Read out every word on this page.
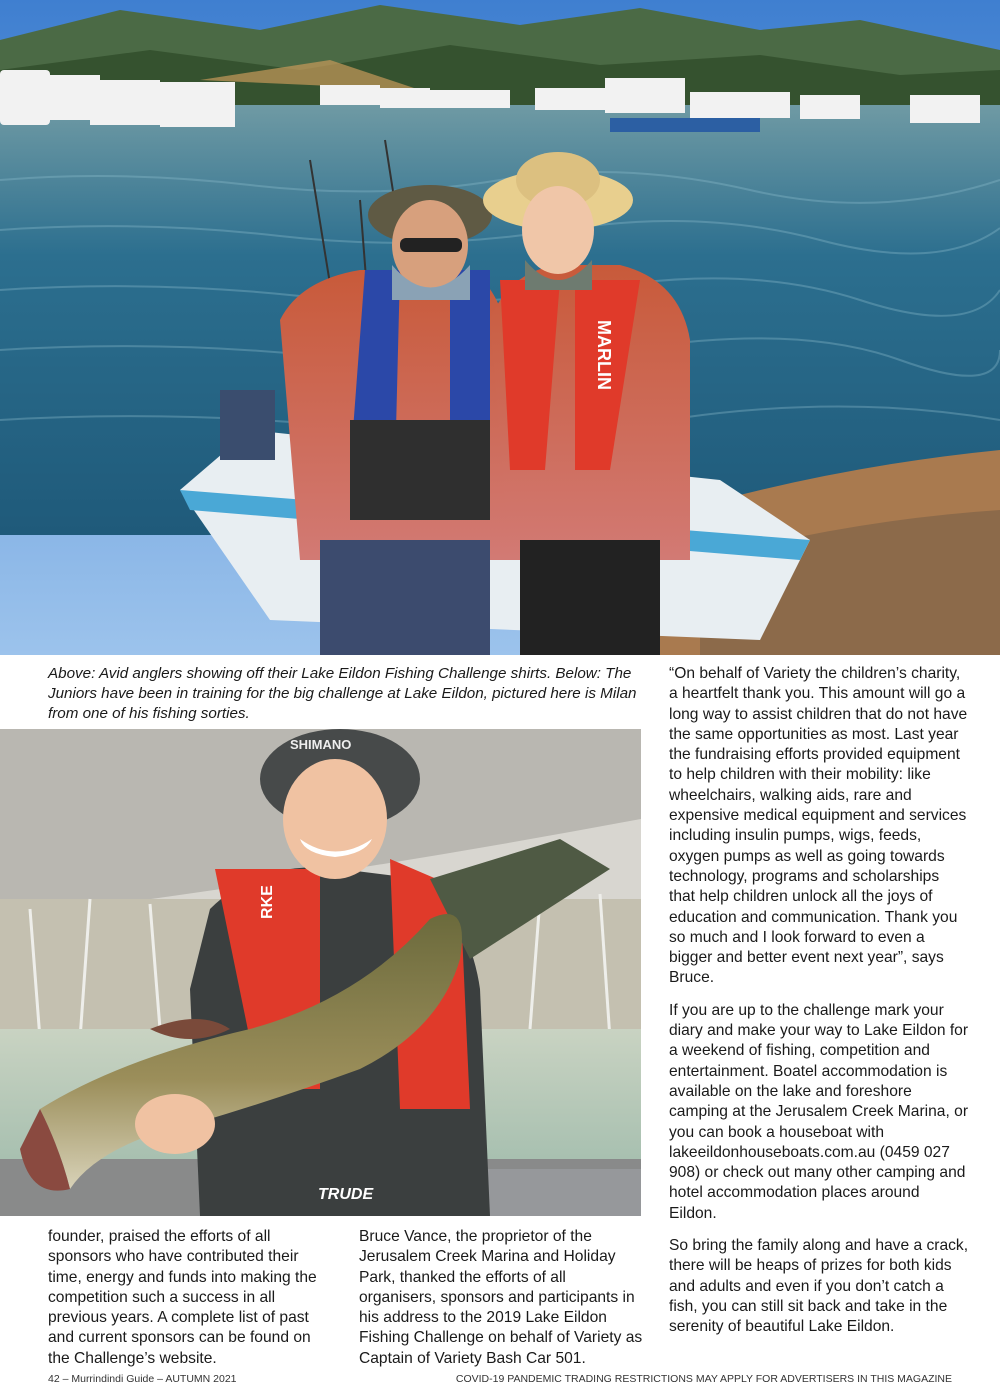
MARLIN
Above: Avid anglers showing off their Lake Eildon Fishing Challenge shirts. Below: The Juniors have been in training for the big challenge at Lake Eildon, pictured here is Milan from one of his fishing sorties.
RKE
SHIMANO
TRUDE

“On behalf of Variety the children’s charity, a heartfelt thank you. This amount will go a long way to assist children that do not have the same opportunities as most. Last year the fundraising efforts provided equipment to help children with their mobility: like wheelchairs, walking aids, rare and expensive medical equipment and services including insulin pumps, wigs, feeds, oxygen pumps as well as going towards technology, programs and scholarships that help children unlock all the joys of education and communication. Thank you so much and I look forward to even a bigger and better event next year”, says Bruce.

If you are up to the challenge mark your diary and make your way to Lake Eildon for a weekend of fishing, competition and entertainment. Boatel accommodation is available on the lake and foreshore camping at the Jerusalem Creek Marina, or you can book a houseboat with lakeeildonhouseboats.com.au (0459 027 908) or check out many other camping and hotel accommodation places around Eildon.

So bring the family along and have a crack, there will be heaps of prizes for both kids and adults and even if you don’t catch a fish, you can still sit back and take in the serenity of beautiful Lake Eildon.

founder, praised the efforts of all sponsors who have contributed their time, energy and funds into making the competition such a success in all previous years. A complete list of past and current sponsors can be found on the Challenge’s website.

Bruce Vance, the proprietor of the Jerusalem Creek Marina and Holiday Park, thanked the efforts of all organisers, sponsors and participants in his address to the 2019 Lake Eildon Fishing Challenge on behalf of Variety as Captain of Variety Bash Car 501.

42 – Murrindindi Guide – AUTUMN 2021	COVID-19 PANDEMIC TRADING RESTRICTIONS MAY APPLY FOR ADVERTISERS IN THIS MAGAZINE
